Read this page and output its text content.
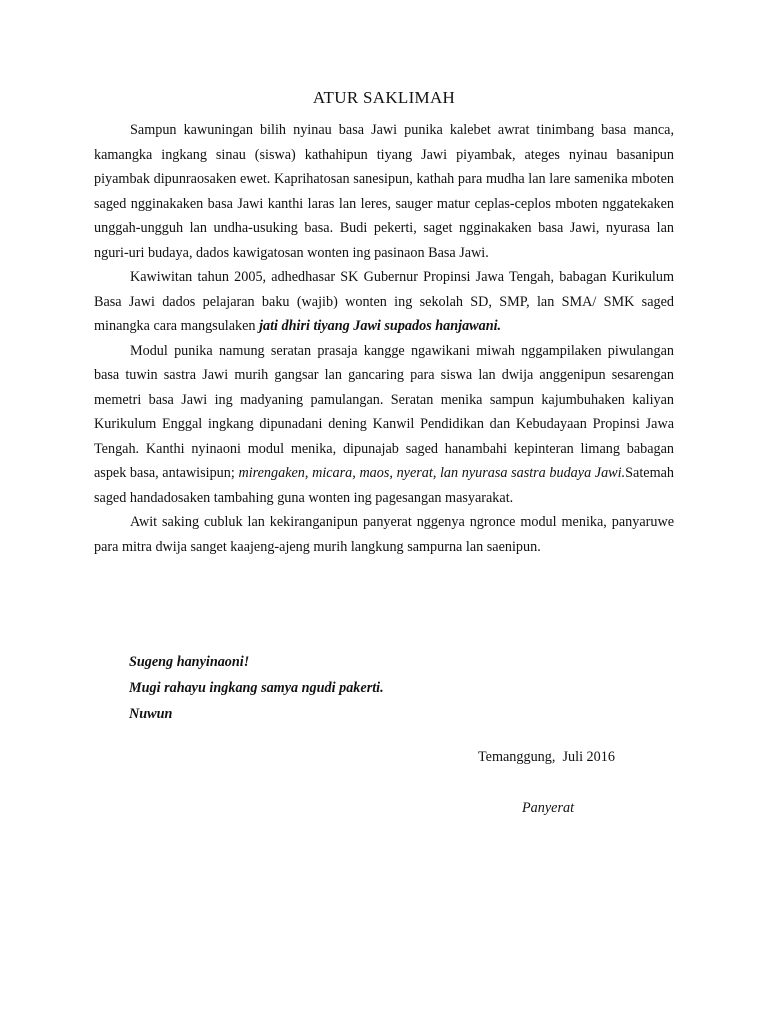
ATUR SAKLIMAH

Sampun kawuningan bilih nyinau basa Jawi punika kalebet awrat tinimbang basa manca, kamangka ingkang sinau (siswa) kathahipun tiyang Jawi piyambak, ateges nyinau basanipun piyambak dipunraosaken ewet. Kaprihatosan sanesipun, kathah para mudha lan lare samenika mboten saged ngginakaken basa Jawi kanthi laras lan leres, sauger matur ceplas-ceplos mboten nggatekaken unggah-ungguh lan undha-usuking basa. Budi pekerti, saget ngginakaken basa Jawi, nyurasa lan nguri-uri budaya, dados kawigatosan wonten ing pasinaon Basa Jawi.

Kawiwitan tahun 2005, adhedhasar SK Gubernur Propinsi Jawa Tengah, babagan Kurikulum Basa Jawi dados pelajaran baku (wajib) wonten ing sekolah SD, SMP, lan SMA/ SMK saged minangka cara mangsulaken jati dhiri tiyang Jawi supados hanjawani.

Modul punika namung seratan prasaja kangge ngawikani miwah nggampilaken piwulangan basa tuwin sastra Jawi murih gangsar lan gancaring para siswa lan dwija anggenipun sesarengan memetri basa Jawi ing madyaning pamulangan. Seratan menika sampun kajumbuhaken kaliyan Kurikulum Enggal ingkang dipunadani dening Kanwil Pendidikan dan Kebudayaan Propinsi Jawa Tengah. Kanthi nyinaoni modul menika, dipunajab saged hanambahi kepinteran limang babagan aspek basa, antawisipun; mirengaken, micara, maos, nyerat, lan nyurasa sastra budaya Jawi.Satemah saged handadosaken tambahing guna wonten ing pagesangan masyarakat.

Awit saking cubluk lan kekiranganipun panyerat nggenya ngronce modul menika, panyaruwe para mitra dwija sanget kaajeng-ajeng murih langkung sampurna lan saenipun.

Sugeng hanyinaoni!
Mugi rahayu ingkang samya ngudi pakerti.
Nuwun
Temanggung,  Juli 2016
Panyerat
